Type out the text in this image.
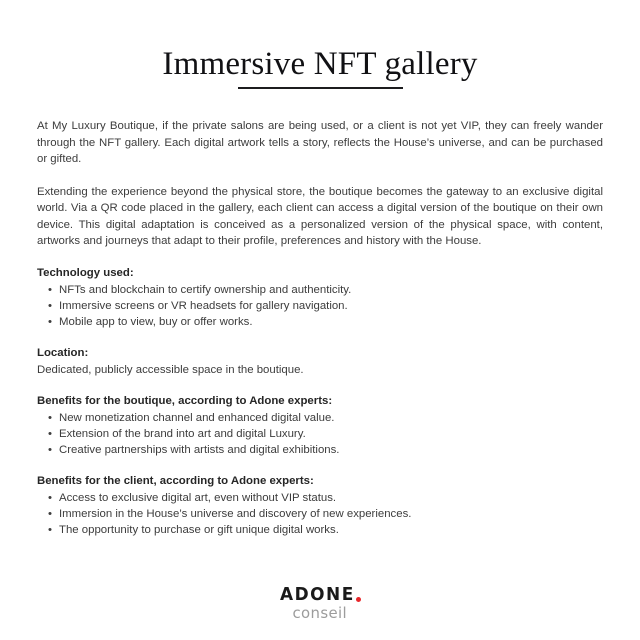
Immersive NFT gallery

At My Luxury Boutique, if the private salons are being used, or a client is not yet VIP, they can freely wander through the NFT gallery. Each digital artwork tells a story, reflects the House’s universe, and can be purchased or gifted.

Extending the experience beyond the physical store, the boutique becomes the gateway to an exclusive digital world. Via a QR code placed in the gallery, each client can access a digital version of the boutique on their own device. This digital adaptation is conceived as a personalized version of the physical space, with content, artworks and journeys that adapt to their profile, preferences and history with the House.

Technology used:
• NFTs and blockchain to certify ownership and authenticity.
• Immersive screens or VR headsets for gallery navigation.
• Mobile app to view, buy or offer works.
Location:
Dedicated, publicly accessible space in the boutique.
Benefits for the boutique, according to Adone experts:
• New monetization channel and enhanced digital value.
• Extension of the brand into art and digital Luxury.
• Creative partnerships with artists and digital exhibitions.
Benefits for the client, according to Adone experts:
• Access to exclusive digital art, even without VIP status.
• Immersion in the House’s universe and discovery of new experiences.
• The opportunity to purchase or gift unique digital works.
ADONE
conseil
